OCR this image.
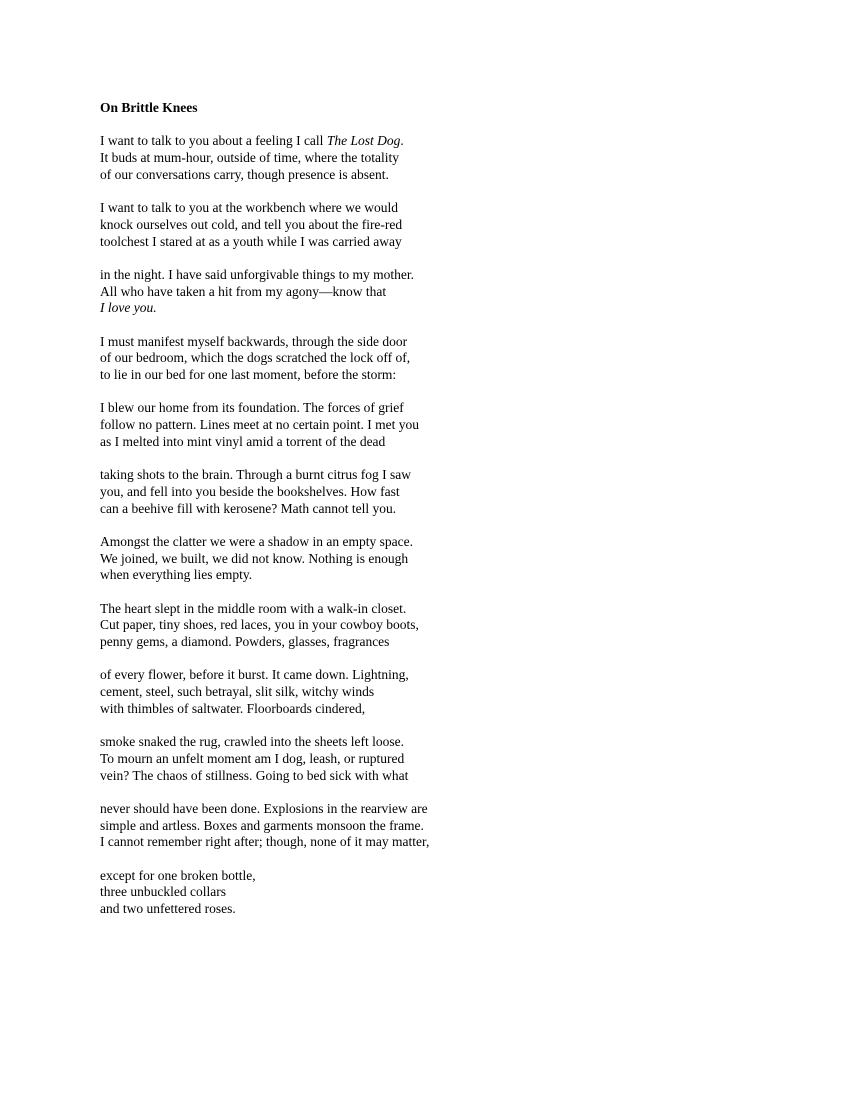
On Brittle Knees
I want to talk to you about a feeling I call The Lost Dog.
It buds at mum-hour, outside of time, where the totality
of our conversations carry, though presence is absent.
I want to talk to you at the workbench where we would
knock ourselves out cold, and tell you about the fire-red
toolchest I stared at as a youth while I was carried away
in the night. I have said unforgivable things to my mother.
All who have taken a hit from my agony—know that
I love you.
I must manifest myself backwards, through the side door
of our bedroom, which the dogs scratched the lock off of,
to lie in our bed for one last moment, before the storm:
I blew our home from its foundation. The forces of grief
follow no pattern. Lines meet at no certain point. I met you
as I melted into mint vinyl amid a torrent of the dead
taking shots to the brain. Through a burnt citrus fog I saw
you, and fell into you beside the bookshelves. How fast
can a beehive fill with kerosene? Math cannot tell you.
Amongst the clatter we were a shadow in an empty space.
We joined, we built, we did not know. Nothing is enough
when everything lies empty.
The heart slept in the middle room with a walk-in closet.
Cut paper, tiny shoes, red laces, you in your cowboy boots,
penny gems, a diamond. Powders, glasses, fragrances
of every flower, before it burst. It came down. Lightning,
cement, steel, such betrayal, slit silk, witchy winds
with thimbles of saltwater. Floorboards cindered,
smoke snaked the rug, crawled into the sheets left loose.
To mourn an unfelt moment am I dog, leash, or ruptured
vein? The chaos of stillness. Going to bed sick with what
never should have been done. Explosions in the rearview are
simple and artless. Boxes and garments monsoon the frame.
I cannot remember right after; though, none of it may matter,
except for one broken bottle,
three unbuckled collars
and two unfettered roses.
